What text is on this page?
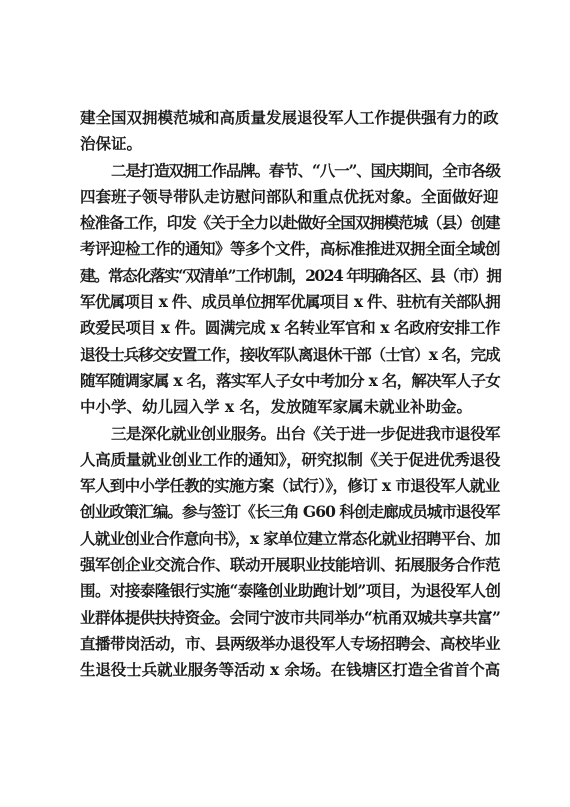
建全国双拥模范城和高质量发展退役军人工作提供强有力的政
治保证。
二是打造双拥工作品牌。春节、“八一”、国庆期间，全市各级
四套班子领导带队走访慰问部队和重点优抚对象。全面做好迎
检准备工作，印发《关于全力以赴做好全国双拥模范城（县）创建
考评迎检工作的通知》等多个文件，高标准推进双拥全面全域创
建。常态化落实“双清单”工作机制，2024 年明确各区、县（市）拥
军优属项目 x 件、成员单位拥军优属项目 x 件、驻杭有关部队拥
政爱民项目 x 件。圆满完成 x 名转业军官和 x 名政府安排工作
退役士兵移交安置工作，接收军队离退休干部（士官）x 名，完成
随军随调家属 x 名，落实军人子女中考加分 x 名，解决军人子女
中小学、幼儿园入学 x 名，发放随军家属未就业补助金。
三是深化就业创业服务。出台《关于进一步促进我市退役军
人高质量就业创业工作的通知》，研究拟制《关于促进优秀退役
军人到中小学任教的实施方案（试行）》，修订 x 市退役军人就业
创业政策汇编。参与签订《长三角 G60 科创走廊成员城市退役军
人就业创业合作意向书》，x 家单位建立常态化就业招聘平台、加
强军创企业交流合作、联动开展职业技能培训、拓展服务合作范
围。对接泰隆银行实施“泰隆创业助跑计划”项目，为退役军人创
业群体提供扶持资金。会同宁波市共同举办“杭甬双城共享共富”
直播带岗活动，市、县两级举办退役军人专场招聘会、高校毕业
生退役士兵就业服务等活动 x 余场。在钱塘区打造全省首个高
